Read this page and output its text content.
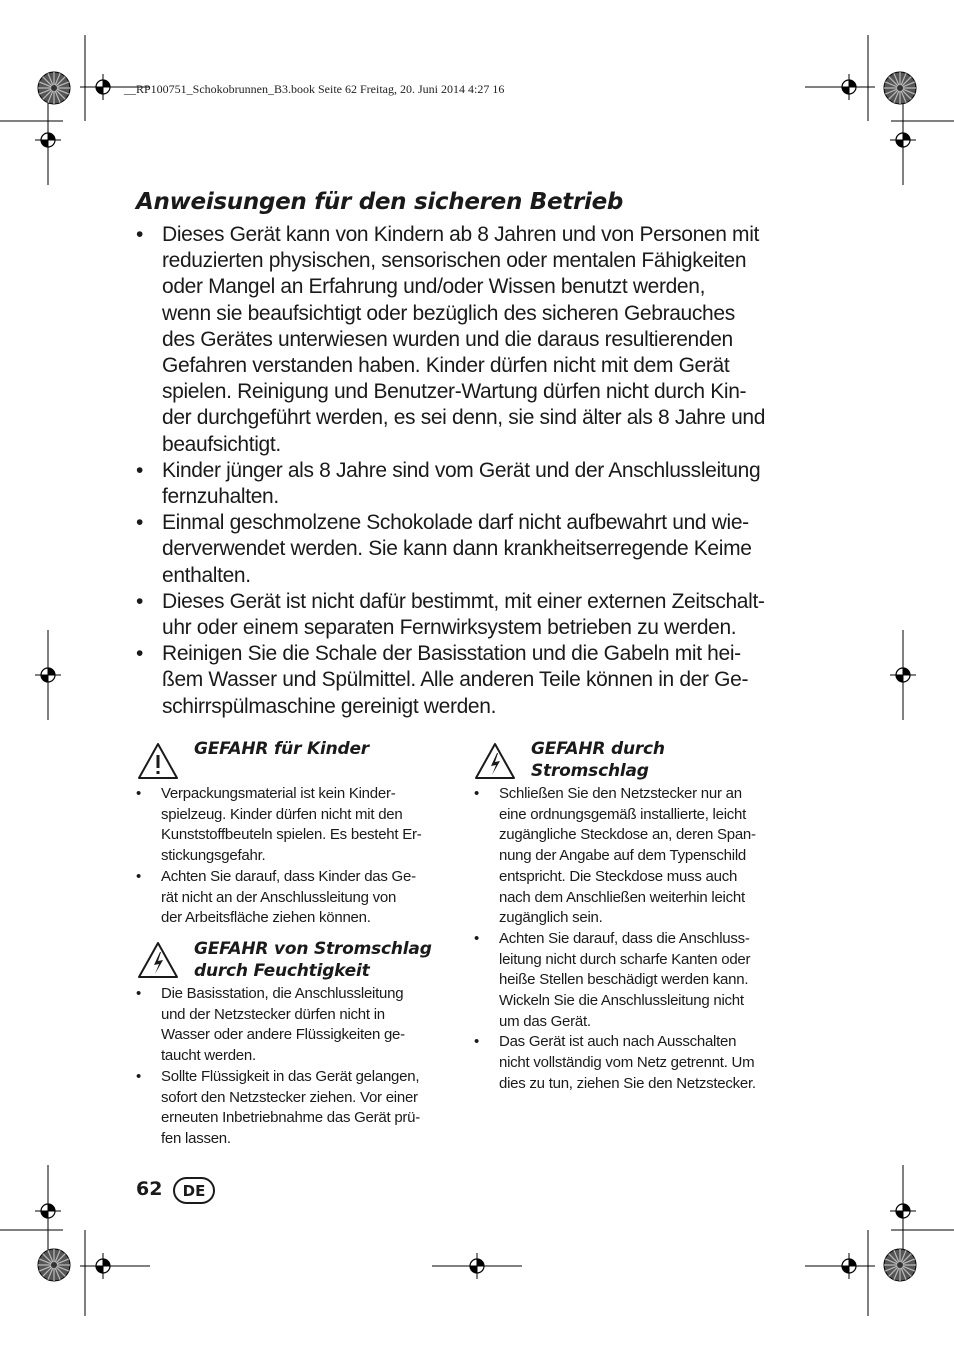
__RP100751_Schokobrunnen_B3.book Seite 62 Freitag, 20. Juni 2014 4:27 16
Anweisungen für den sicheren Betrieb
• Dieses Gerät kann von Kindern ab 8 Jahren und von Personen mit
reduzierten physischen, sensorischen oder mentalen Fähigkeiten
oder Mangel an Erfahrung und/oder Wissen benutzt werden,
wenn sie beaufsichtigt oder bezüglich des sicheren Gebrauches
des Gerätes unterwiesen wurden und die daraus resultierenden
Gefahren verstanden haben. Kinder dürfen nicht mit dem Gerät
spielen. Reinigung und Benutzer-Wartung dürfen nicht durch Kin-
der durchgeführt werden, es sei denn, sie sind älter als 8 Jahre und
beaufsichtigt.
• Kinder jünger als 8 Jahre sind vom Gerät und der Anschlussleitung
fernzuhalten.
• Einmal geschmolzene Schokolade darf nicht aufbewahrt und wie-
derverwendet werden. Sie kann dann krankheitserregende Keime
enthalten.
• Dieses Gerät ist nicht dafür bestimmt, mit einer externen Zeitschalt-
uhr oder einem separaten Fernwirksystem betrieben zu werden.
• Reinigen Sie die Schale der Basisstation und die Gabeln mit hei-
ßem Wasser und Spülmittel. Alle anderen Teile können in der Ge-
schirrspülmaschine gereinigt werden.
GEFAHR für Kinder
• Verpackungsmaterial ist kein Kinder-
spielzeug. Kinder dürfen nicht mit den
Kunststoffbeuteln spielen. Es besteht Er-
stickungsgefahr.
• Achten Sie darauf, dass Kinder das Ge-
rät nicht an der Anschlussleitung von
der Arbeitsfläche ziehen können.
GEFAHR von Stromschlag
durch Feuchtigkeit
• Die Basisstation, die Anschlussleitung
und der Netzstecker dürfen nicht in
Wasser oder andere Flüssigkeiten ge-
taucht werden.
• Sollte Flüssigkeit in das Gerät gelangen,
sofort den Netzstecker ziehen. Vor einer
erneuten Inbetriebnahme das Gerät prü-
fen lassen.
GEFAHR durch
Stromschlag
• Schließen Sie den Netzstecker nur an
eine ordnungsgemäß installierte, leicht
zugängliche Steckdose an, deren Span-
nung der Angabe auf dem Typenschild
entspricht. Die Steckdose muss auch
nach dem Anschließen weiterhin leicht
zugänglich sein.
• Achten Sie darauf, dass die Anschluss-
leitung nicht durch scharfe Kanten oder
heiße Stellen beschädigt werden kann.
Wickeln Sie die Anschlussleitung nicht
um das Gerät.
• Das Gerät ist auch nach Ausschalten
nicht vollständig vom Netz getrennt. Um
dies zu tun, ziehen Sie den Netzstecker.
62	DE
